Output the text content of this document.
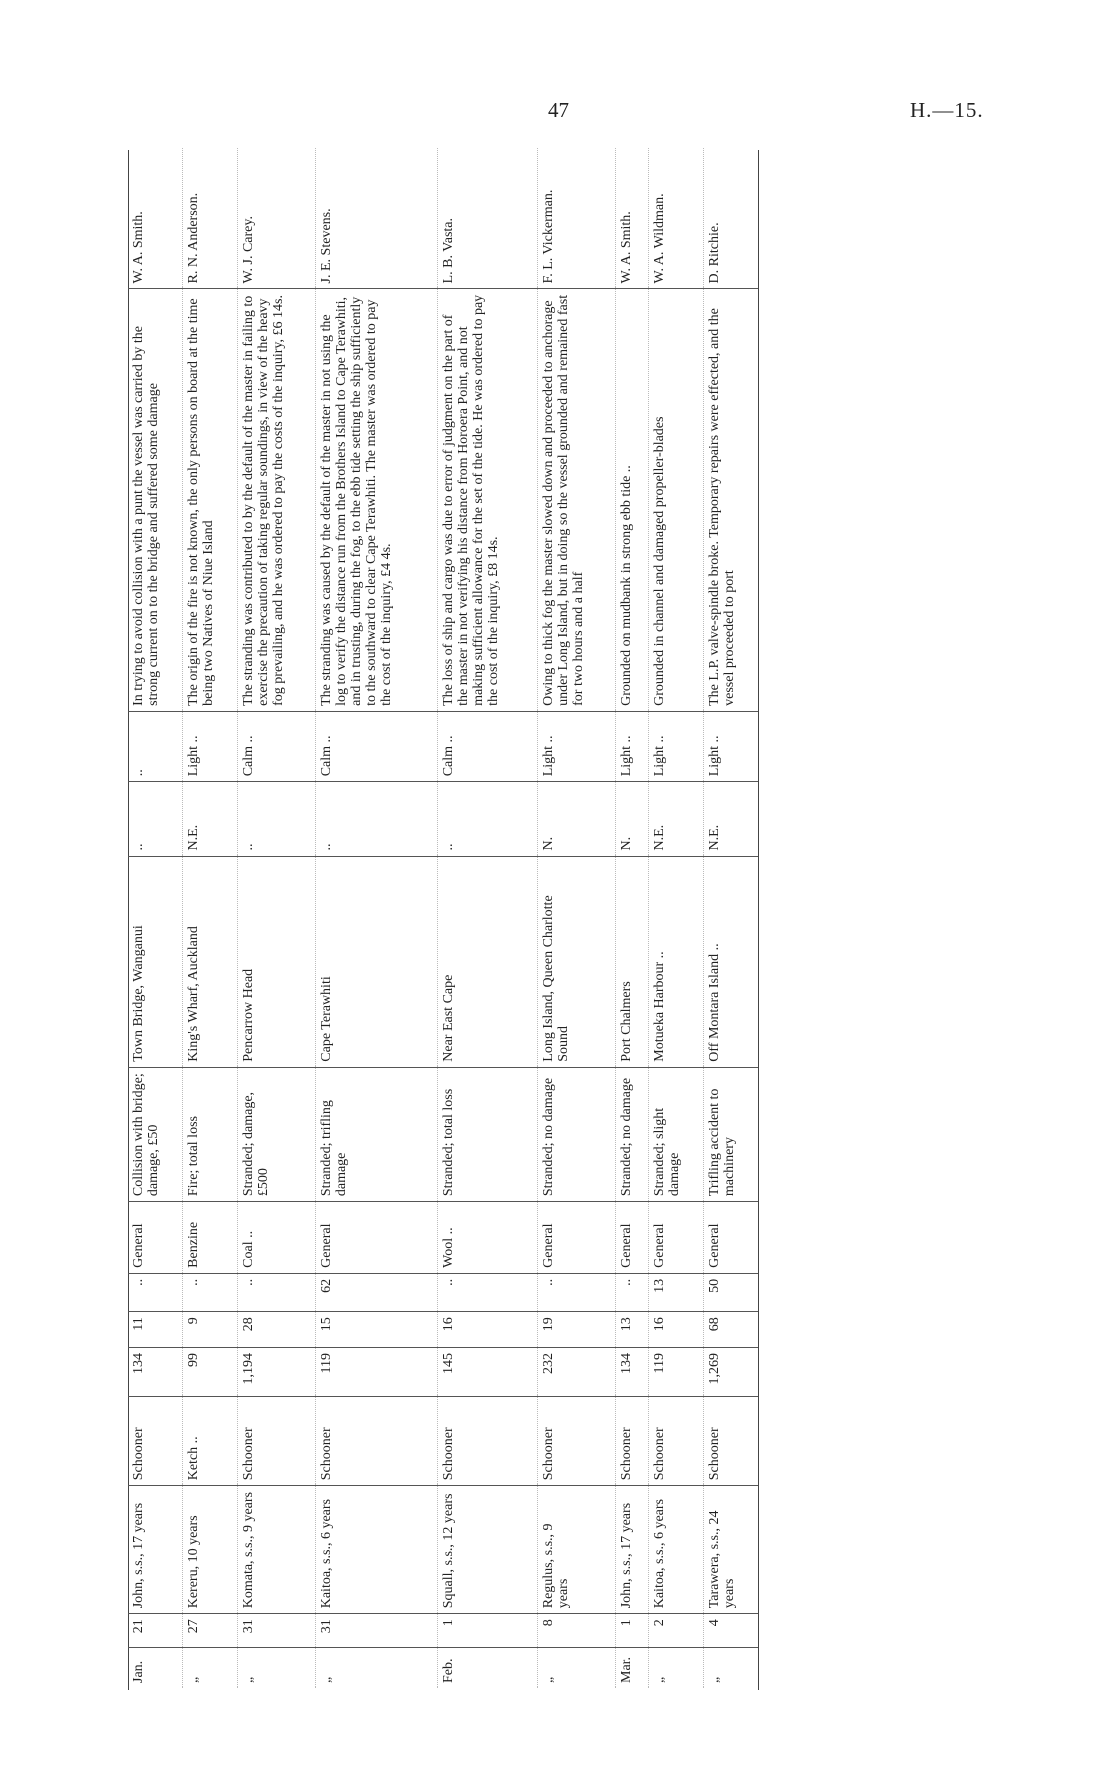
47	H.—15.
Jan.	21	John, s.s., 17 years	Schooner	134	11	..	General	Collision with bridge; damage, £50	Town Bridge, Wanganui	..	..	In trying to avoid collision with a punt the vessel was carried by the strong current on to the bridge and suffered some damage	W. A. Smith.
„	27	Kereru, 10 years	Ketch ..	99	9	..	Benzine	Fire; total loss	King's Wharf, Auckland	N.E.	Light ..	The origin of the fire is not known, the only persons on board at the time being two Natives of Niue Island	R. N. Anderson.
„	31	Komata, s.s., 9 years	Schooner	1,194	28	..	Coal ..	Stranded; damage, £500	Pencarrow Head	..	Calm ..	The stranding was contributed to by the default of the master in failing to exercise the precaution of taking regular soundings, in view of the heavy fog prevailing, and he was ordered to pay the costs of the inquiry, £6 14s.	W. J. Carey.
„	31	Kaitoa, s.s., 6 years	Schooner	119	15	62	General	Stranded; trifling damage	Cape Terawhiti	..	Calm ..	The stranding was caused by the default of the master in not using the log to verify the distance run from the Brothers Island to Cape Terawhiti, and in trusting, during the fog, to the ebb tide setting the ship sufficiently to the southward to clear Cape Terawhiti. The master was ordered to pay the cost of the inquiry, £4 4s.	J. E. Stevens.
Feb.	1	Squall, s.s., 12 years	Schooner	145	16	..	Wool ..	Stranded; total loss	Near East Cape	..	Calm ..	The loss of ship and cargo was due to error of judgment on the part of the master in not verifying his distance from Horoera Point, and not making sufficient allowance for the set of the tide. He was ordered to pay the cost of the inquiry, £8 14s.	L. B. Vasta.
„	8	Regulus, s.s., 9 years	Schooner	232	19	..	General	Stranded; no damage	Long Island, Queen Charlotte Sound	N.	Light ..	Owing to thick fog the master slowed down and proceeded to anchorage under Long Island, but in doing so the vessel grounded and remained fast for two hours and a half	F. L. Vickerman.
Mar.	1	John, s.s., 17 years	Schooner	134	13	..	General	Stranded; no damage	Port Chalmers	N.	Light ..	Grounded on mudbank in strong ebb tide ..	W. A. Smith.
„	2	Kaitoa, s.s., 6 years	Schooner	119	16	13	General	Stranded; slight damage	Motueka Harbour ..	N.E.	Light ..	Grounded in channel and damaged propeller-blades	W. A. Wildman.
„	4	Tarawera, s.s., 24 years	Schooner	1,269	68	50	General	Trifling accident to machinery	Off Montara Island ..	N.E.	Light ..	The L.P. valve-spindle broke. Temporary repairs were effected, and the vessel proceeded to port	D. Ritchie.
